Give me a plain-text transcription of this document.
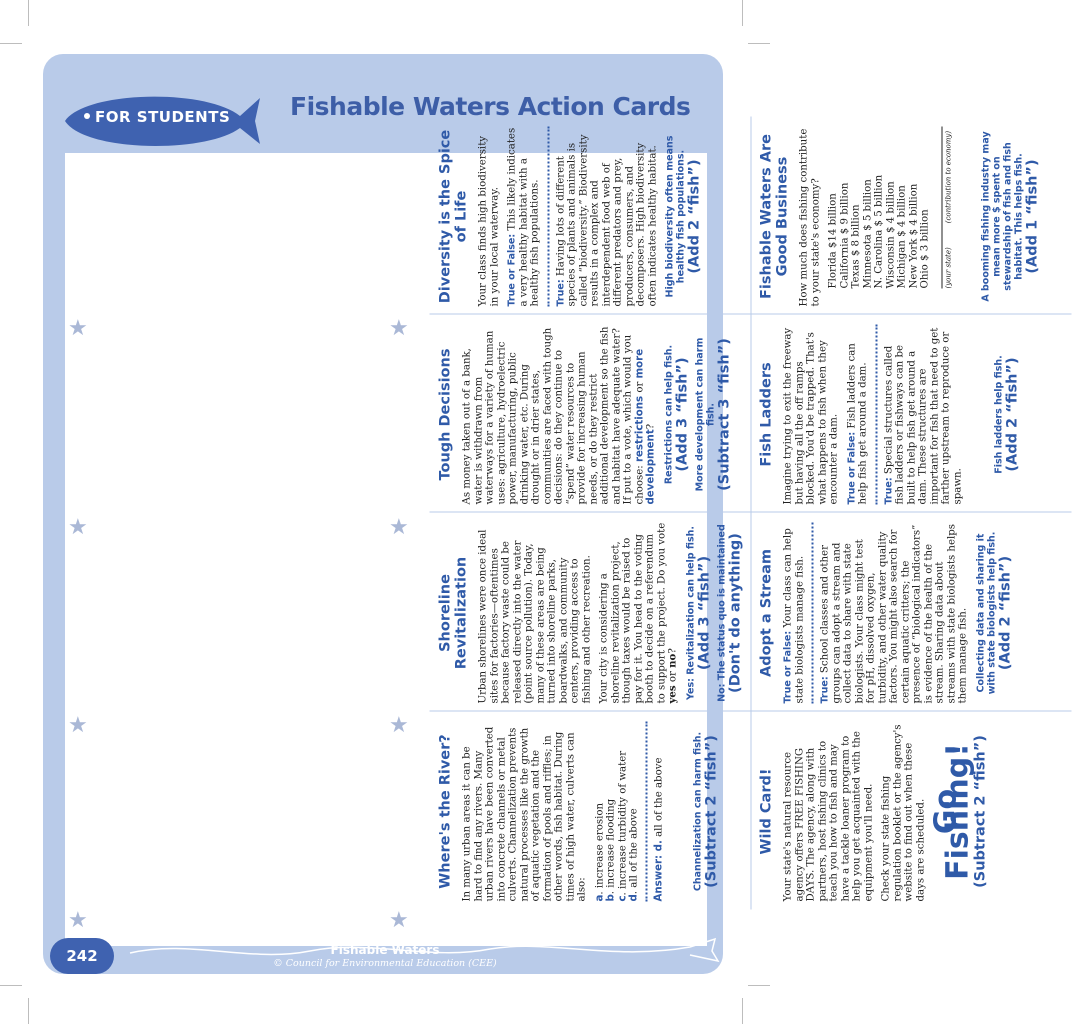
FOR STUDENTS Fishable Waters Action Cards
Where's the River? In many urban areas it can be hard to find any rivers. Many urban rivers have been converted into concrete channels or metal culverts. Channelization prevents natural processes like the growth of aquatic vegetation and the formation of pools and riffles; in other words, fish habitat. During times of high water, culverts can also: a. increase erosion
b. increase flooding
c. increase turbidity of water
d. all of the above Answer: d. all of the above	Channelization can harm fish. (Subtract 2 “fish”)
Shoreline Revitalization Urban shorelines were once ideal sites for factories—oftentimes because factory waste could be released directly into the water (point source pollution). Today, many of these areas are being turned into shoreline parks, boardwalks, and community centers, providing access to fishing and other recreation. Your city is considering a shoreline revitalization project, though taxes would be raised to pay for it. You head to the voting booth to decide on a referendum to support the project. Do you vote yes or no? Yes: Revitalization can help fish. (Add 3 “fish”) No: The status quo is maintained (Don't do anything)
Tough Decisions As money taken out of a bank, water is withdrawn from waterways for a variety of human uses: agriculture, hydroelectric power, manufacturing, public drinking water, etc. During drought or in drier states, communities are faced with tough decisions: do they continue to “spend” water resources to provide for increasing human needs, or do they restrict additional development so the fish and habitat have adequate water? If put to a vote, which would you choose: restrictions or more development? Restrictions can help fish. (Add 3 “fish”) More development can harm fish. (Subtract 3 “fish”)
Diversity is the Spice of Life Your class finds high biodiversity in your local waterway. True or False: This likely indicates a very healthy habitat with a healthy fish populations. True: Having lots of different species of plants and animals is called “biodiversity.” Biodiversity results in a complex and interdependent food web of different predators and prey, producers, consumers, and decomposers. High biodiversity often indicates healthy habitat. High biodiversity often means healthy fish populations. (Add 2 “fish”)
Wild Card! Your state's natural resource agency offers FREE FISHING DAYS. The agency, along with partners, host fishing clinics to teach you how to fish and may have a tackle loaner program to help you get acquainted with the equipment you'll need. Check your state fishing regulation booklet or the agency's website to find out when these days are scheduled. Go Fishing!
(Subtract 2 “fish”)
Adopt a Stream True or False: Your class can help state biologists manage fish. True: School classes and other groups can adopt a stream and collect data to share with state biologists. Your class might test for pH, dissolved oxygen, turbidity, and other water quality factors. You might also search for certain aquatic critters; the presence of “biological indicators” is evidence of the health of the stream. Sharing data about streams with state biologists helps them manage fish. Collecting data and sharing it with state biologists help fish. (Add 2 “fish”)
Fish Ladders Imagine trying to exit the freeway but having all the off ramps blocked. You'd be trapped. That's what happens to fish when they encounter a dam. True or False: Fish ladders can help fish get around a dam. True: Special structures called fish ladders or fishways can be built to help fish get around a dam. These structures are important for fish that need to get farther upstream to reproduce or spawn.

Fish ladders help fish. (Add 2 “fish”)
Fishable Waters Are Good Business How much does fishing contribute to your state's economy? Florida $14 billion California $ 9 billion Texas $ 8 billion Minnesota $ 5 billion N. Carolina $ 5 billion Wisconsin $ 4 billion Michigan $ 4 billion New York $ 4 billion Ohio $ 3 billion	(your state)(contribution to economy)	A booming fishing industry may mean more $ spent on stewardship of fish and fish habitat. This helps fish. (Add 1 “fish”)
★
★
★
★
★
★
★
★
242	Fishable Waters
© Council for Environmental Education (CEE)
